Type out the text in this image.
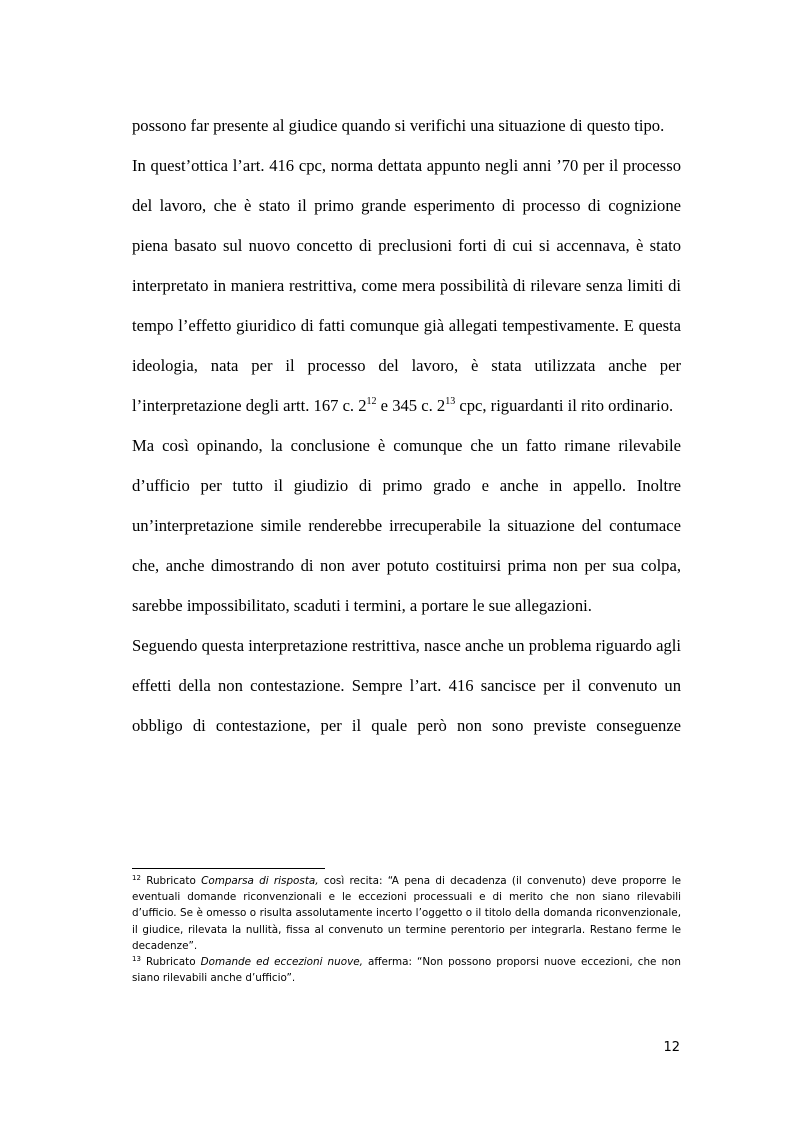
possono far presente al giudice quando si verifichi una situazione di questo tipo.

In quest’ottica l’art. 416 cpc, norma dettata appunto negli anni ’70 per il processo del lavoro, che è stato il primo grande esperimento di processo di cognizione piena basato sul nuovo concetto di preclusioni forti di cui si accennava, è stato interpretato in maniera restrittiva, come mera possibilità di rilevare senza limiti di tempo l’effetto giuridico di fatti comunque già allegati tempestivamente. E questa ideologia, nata per il processo del lavoro, è stata utilizzata anche per l’interpretazione degli artt. 167 c. $2^{12}$ e 345 c. $2^{13}$ cpc, riguardanti il rito ordinario.

Ma così opinando, la conclusione è comunque che un fatto rimane rilevabile d’ufficio per tutto il giudizio di primo grado e anche in appello. Inoltre un’interpretazione simile renderebbe irrecuperabile la situazione del contumace che, anche dimostrando di non aver potuto costituirsi prima non per sua colpa, sarebbe impossibilitato, scaduti i termini, a portare le sue allegazioni.

Seguendo questa interpretazione restrittiva, nasce anche un problema riguardo agli effetti della non contestazione. Sempre l’art. 416 sancisce per il convenuto un obbligo di contestazione, per il quale però non sono previste conseguenze

$^{12}$ Rubricato Comparsa di risposta, così recita: “A pena di decadenza (il convenuto) deve proporre le eventuali domande riconvenzionali e le eccezioni processuali e di merito che non siano rilevabili d’ufficio. Se è omesso o risulta assolutamente incerto l’oggetto o il titolo della domanda riconvenzionale, il giudice, rilevata la nullità, fissa al convenuto un termine perentorio per integrarla. Restano ferme le decadenze”.

$^{13}$ Rubricato Domande ed eccezioni nuove, afferma: “Non possono proporsi nuove eccezioni, che non siano rilevabili anche d’ufficio”.

12
